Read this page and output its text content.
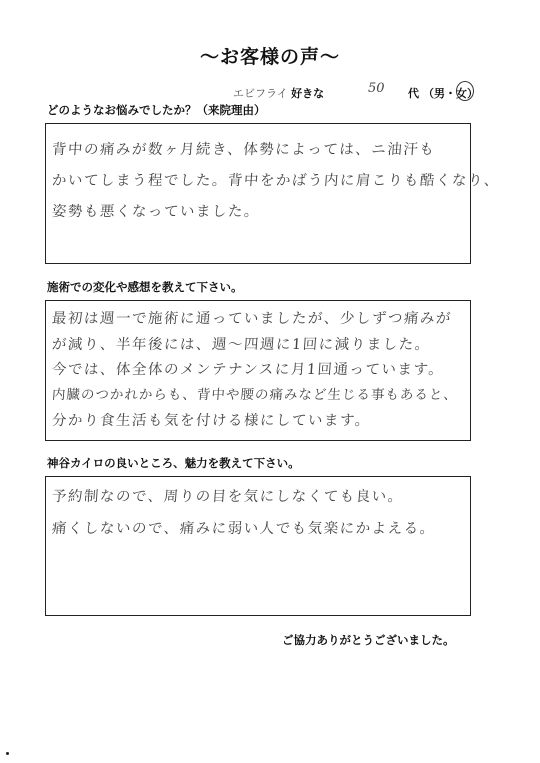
～お客様の声～
エビフライ 好きな	50 代 （男・女）
どのようなお悩みでしたか？（来院理由）
背中の痛みが数ヶ月続き、体勢によっては、ニ油汗も
かいてしまう程でした。背中をかばう内に肩こりも酷くなり、
姿勢も悪くなっていました。
施術での変化や感想を教えて下さい。
最初は週一で施術に通っていましたが、少しずつ痛みが
が減り、半年後には、週～四週に1回に減りました。
今では、体全体のメンテナンスに月1回通っています。
内臓のつかれからも、背中や腰の痛みなど生じる事もあると、
分かり食生活も気を付ける様にしています。
神谷カイロの良いところ、魅力を教えて下さい。
予約制なので、周りの目を気にしなくても良い。
痛くしないので、痛みに弱い人でも気楽にかよえる。
ご協力ありがとうございました。
